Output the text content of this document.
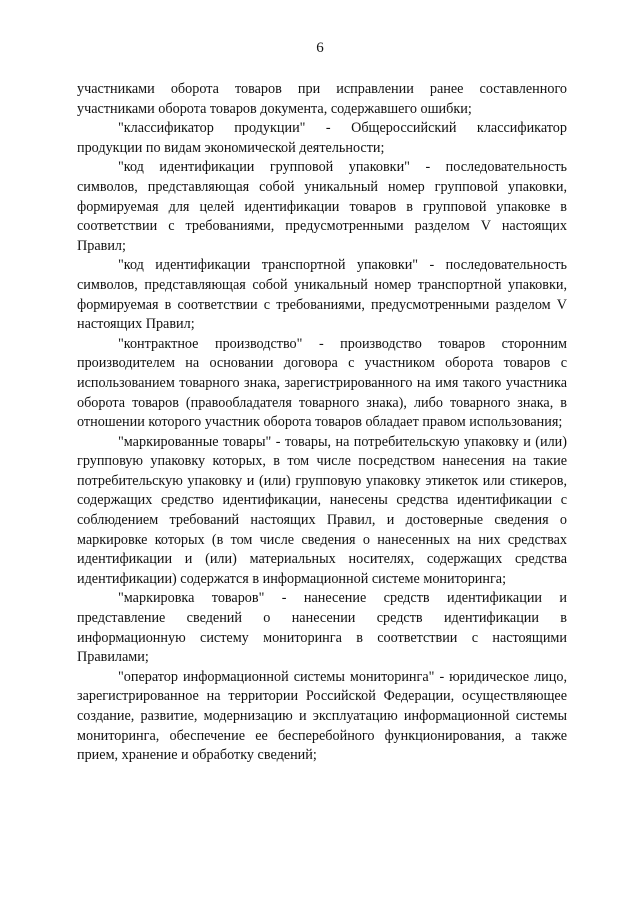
6

участниками оборота товаров при исправлении ранее составленного участниками оборота товаров документа, содержавшего ошибки;

"классификатор продукции" - Общероссийский классификатор продукции по видам экономической деятельности;

"код идентификации групповой упаковки" - последовательность символов, представляющая собой уникальный номер групповой упаковки, формируемая для целей идентификации товаров в групповой упаковке в соответствии с требованиями, предусмотренными разделом V настоящих Правил;

"код идентификации транспортной упаковки" - последовательность символов, представляющая собой уникальный номер транспортной упаковки, формируемая в соответствии с требованиями, предусмотренными разделом V настоящих Правил;

"контрактное производство" - производство товаров сторонним производителем на основании договора с участником оборота товаров с использованием товарного знака, зарегистрированного на имя такого участника оборота товаров (правообладателя товарного знака), либо товарного знака, в отношении которого участник оборота товаров обладает правом использования;

"маркированные товары" - товары, на потребительскую упаковку и (или) групповую упаковку которых, в том числе посредством нанесения на такие потребительскую упаковку и (или) групповую упаковку этикеток или стикеров, содержащих средство идентификации, нанесены средства идентификации с соблюдением требований настоящих Правил, и достоверные сведения о маркировке которых (в том числе сведения о нанесенных на них средствах идентификации и (или) материальных носителях, содержащих средства идентификации) содержатся в информационной системе мониторинга;

"маркировка товаров" - нанесение средств идентификации и представление сведений о нанесении средств идентификации в информационную систему мониторинга в соответствии с настоящими Правилами;

"оператор информационной системы мониторинга" - юридическое лицо, зарегистрированное на территории Российской Федерации, осуществляющее создание, развитие, модернизацию и эксплуатацию информационной системы мониторинга, обеспечение ее бесперебойного функционирования, а также прием, хранение и обработку сведений;
